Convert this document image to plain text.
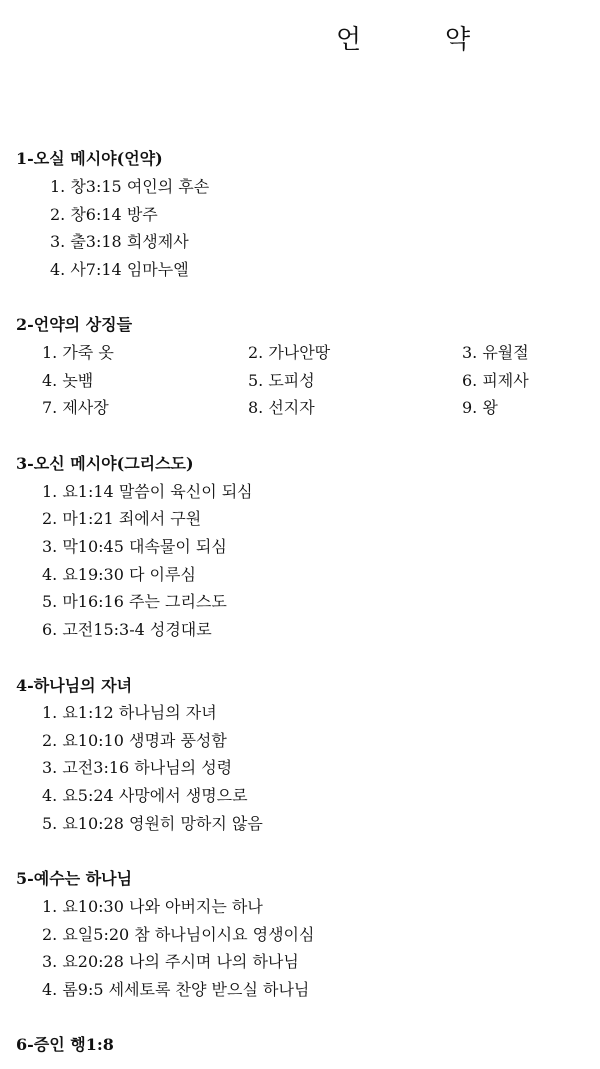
언	약
1-오실 메시야(언약)
1. 창3:15 여인의 후손
2. 창6:14 방주
3. 출3:18 희생제사
4. 사7:14 임마누엘
2-언약의 상징들
1. 가죽 옷	2. 가나안땅	3. 유월절
4. 놋뱀	5. 도피성	6. 피제사
7. 제사장	8. 선지자	9. 왕
3-오신 메시야(그리스도)
1. 요1:14 말씀이 육신이 되심
2. 마1:21 죄에서 구원
3. 막10:45 대속물이 되심
4. 요19:30 다 이루심
5. 마16:16 주는 그리스도
6. 고전15:3-4 성경대로
4-하나님의 자녀
1. 요1:12 하나님의 자녀
2. 요10:10 생명과 풍성함
3. 고전3:16 하나님의 성령
4. 요5:24 사망에서 생명으로
5. 요10:28 영원히 망하지 않음
5-예수는 하나님
1. 요10:30 나와 아버지는 하나
2. 요일5:20 참 하나님이시요 영생이심
3. 요20:28 나의 주시며 나의 하나님
4. 롬9:5 세세토록 찬양 받으실 하나님
6-증인 행1:8
